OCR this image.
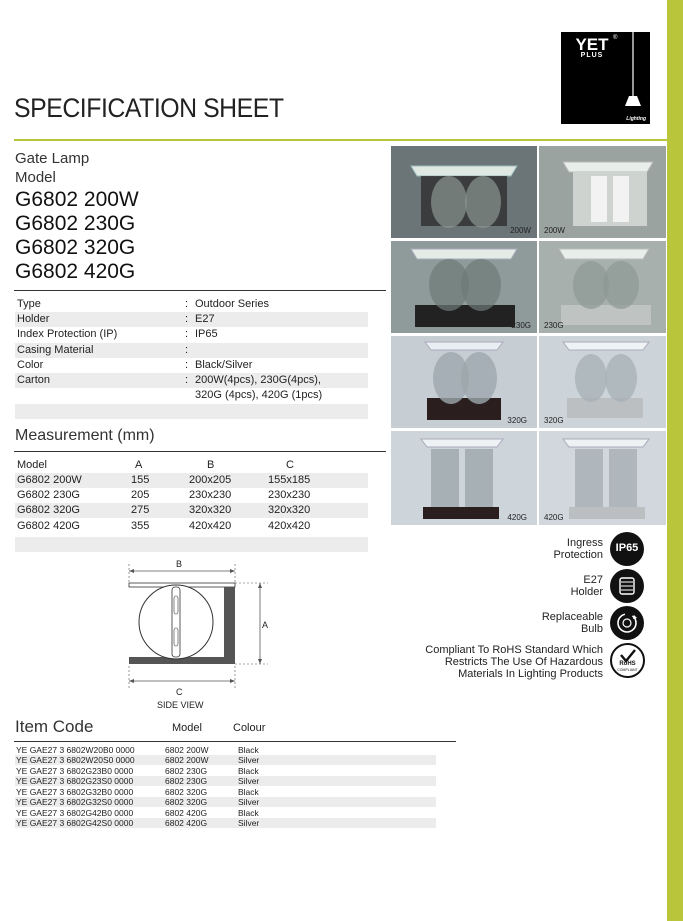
YET ®
PLUS
Lighting
SPECIFICATION SHEET
Gate Lamp
Model
G6802 200W
G6802 230G
G6802 320G
G6802 420G
Type	: Outdoor Series
Holder	: E27
Index Protection (IP)	: IP65
Casing Material	:
Color	: Black/Silver
Carton	: 200W(4pcs), 230G(4pcs),
320G (4pcs), 420G (1pcs)
Measurement (mm)
Model	A	B	C
G6802 200W	155	200x205	155x185
G6802 230G	205	230x230	230x230
G6802 320G	275	320x320	320x320
G6802 420G	355	420x420	420x420
B
A
C
SIDE VIEW
Item Code	Model	Colour
YE GAE27 3 6802W20B0 0000	6802 200W	Black
YE GAE27 3 6802W20S0 0000	6802 200W	Silver
YE GAE27 3 6802G23B0 0000	6802 230G	Black
YE GAE27 3 6802G23S0 0000	6802 230G	Silver
YE GAE27 3 6802G32B0 0000	6802 320G	Black
YE GAE27 3 6802G32S0 0000	6802 320G	Silver
YE GAE27 3 6802G42B0 0000	6802 420G	Black
YE GAE27 3 6802G42S0 0000	6802 420G	Silver
200W 200W
230G 230G
320G 320G
420G 420G
Ingress
Protection
IP65
E27
Holder
Replaceable
Bulb
Compliant To RoHS Standard Which
Restricts The Use Of Hazardous
Materials In Lighting Products
RoHS
COMPLIANT
